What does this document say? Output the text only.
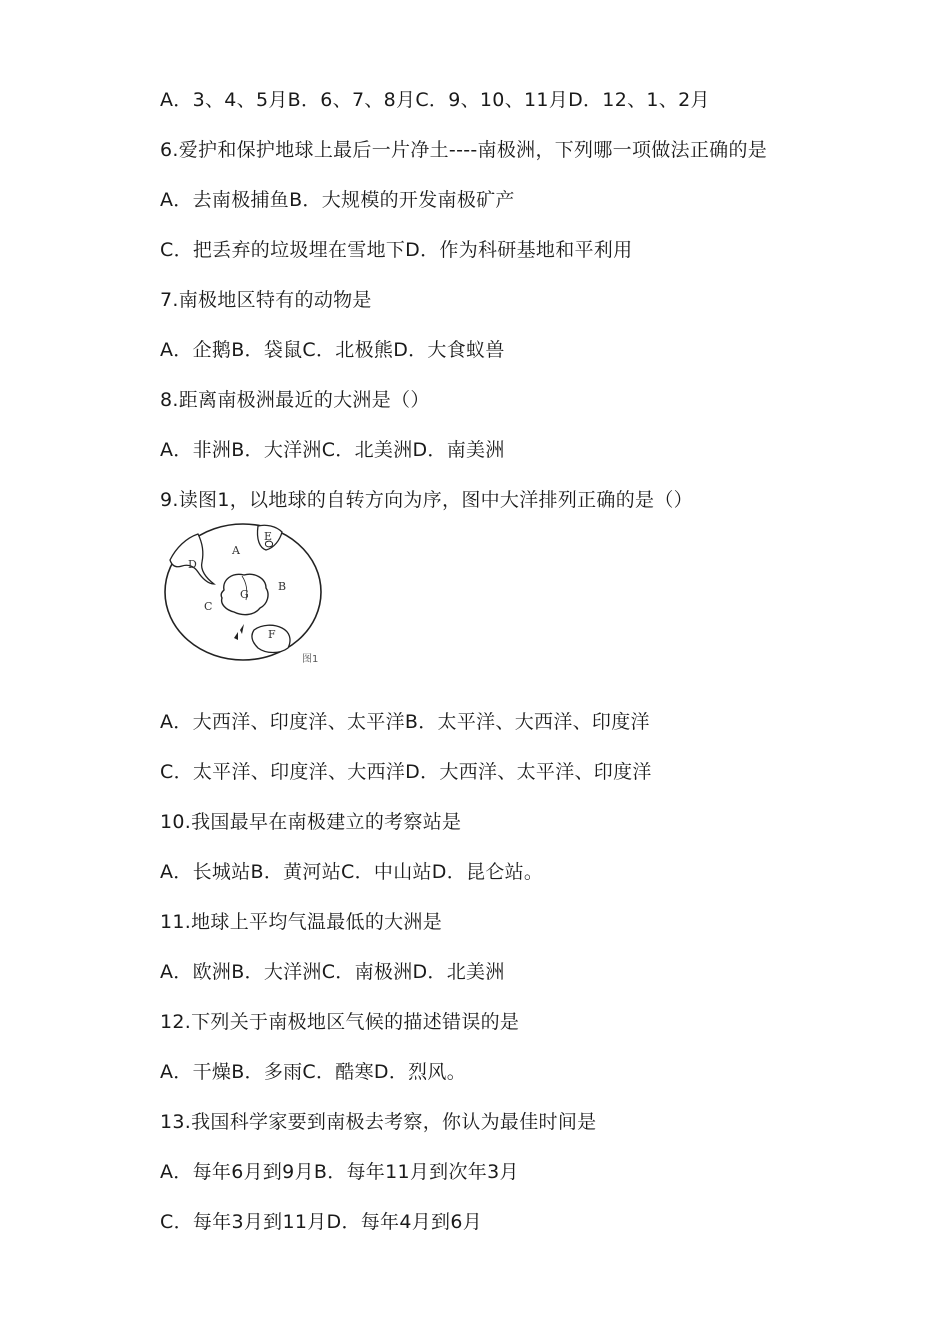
A．3、4、5月B．6、7、8月C．9、10、11月D．12、1、2月
6.爱护和保护地球上最后一片净土----南极洲，下列哪一项做法正确的是
A．去南极捕鱼B．大规模的开发南极矿产
C．把丢弃的垃圾埋在雪地下D．作为科研基地和平利用
7.南极地区特有的动物是
A．企鹅B．袋鼠C．北极熊D．大食蚁兽
8.距离南极洲最近的大洲是（）
A．非洲B．大洋洲C．北美洲D．南美洲
9.读图1，以地球的自转方向为序，图中大洋排列正确的是（）
A
B
C
D
E
F
G
图1
A．大西洋、印度洋、太平洋B．太平洋、大西洋、印度洋
C．太平洋、印度洋、大西洋D．大西洋、太平洋、印度洋
10.我国最早在南极建立的考察站是
A．长城站B．黄河站C．中山站D．昆仑站。
11.地球上平均气温最低的大洲是
A．欧洲B．大洋洲C．南极洲D．北美洲
12.下列关于南极地区气候的描述错误的是
A．干燥B．多雨C．酷寒D．烈风。
13.我国科学家要到南极去考察，你认为最佳时间是
A．每年6月到9月B．每年11月到次年3月
C．每年3月到11月D．每年4月到6月
